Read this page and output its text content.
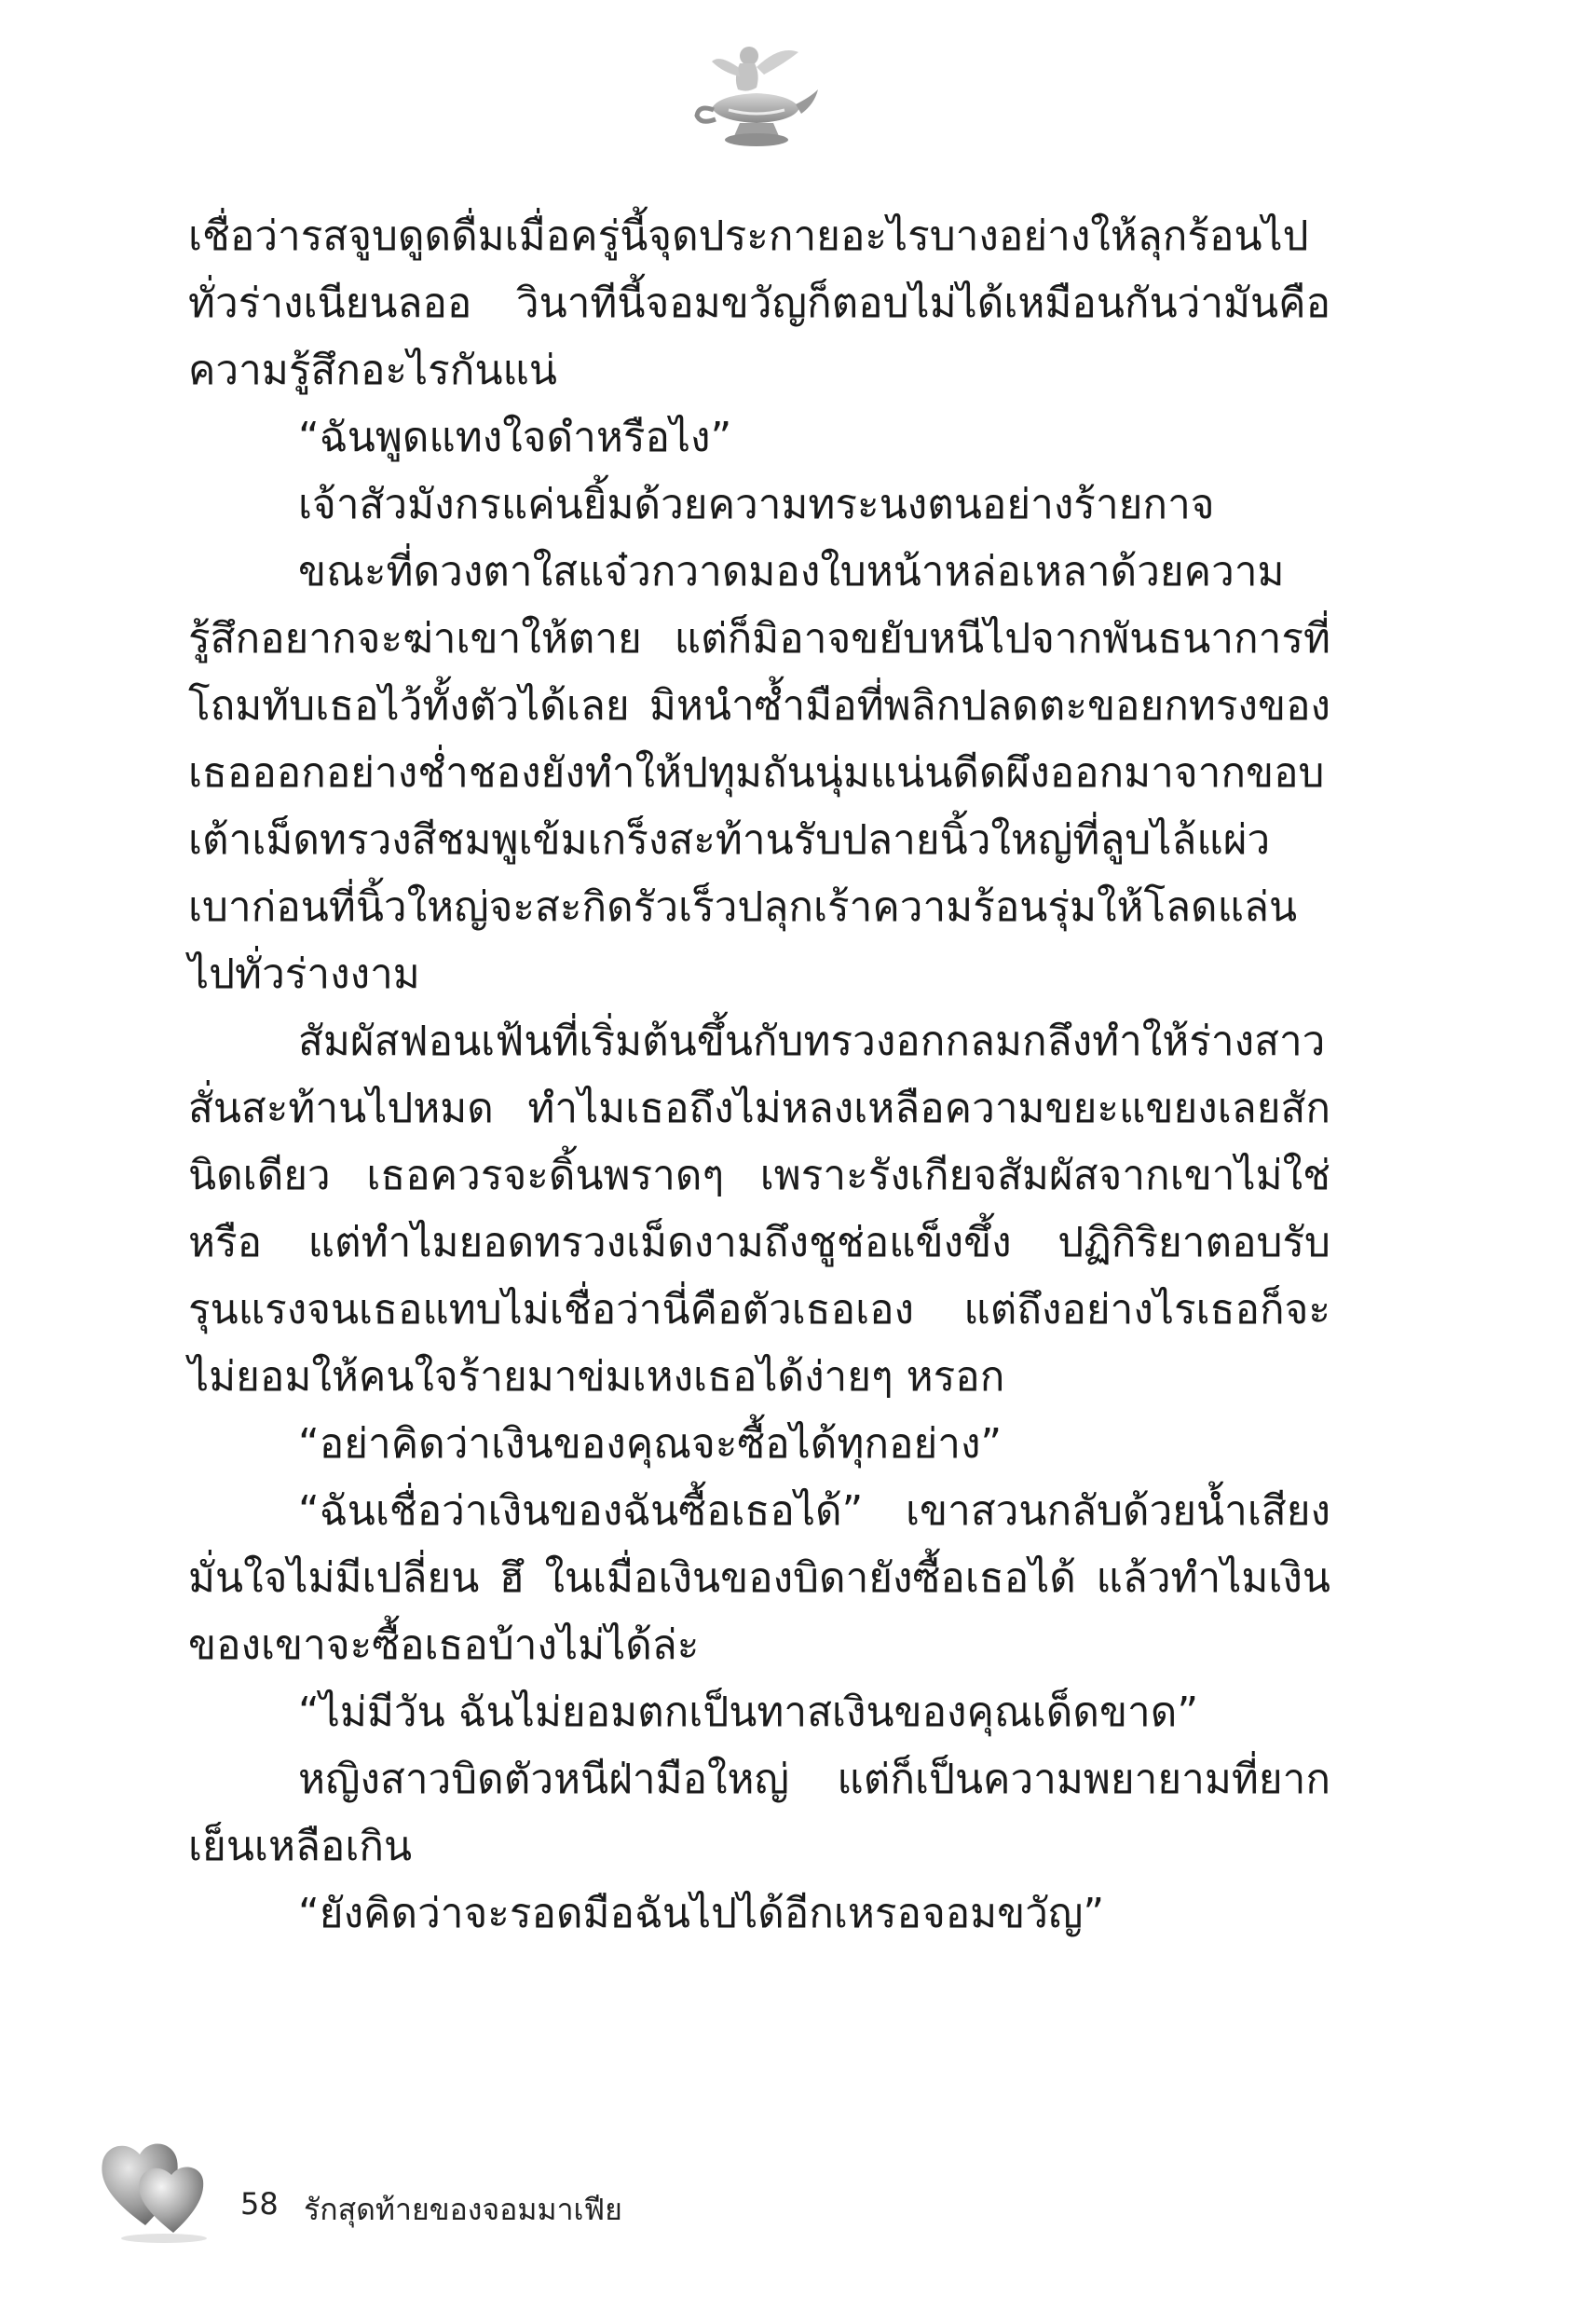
เชื่อว่ารสจูบดูดดื่มเมื่อครู่นี้จุดประกายอะไรบางอย่างให้ลุกร้อนไปทั่วร่างเนียนลออ วินาทีนี้จอมขวัญก็ตอบไม่ได้เหมือนกันว่ามันคือความรู้สึกอะไรกันแน่

“ฉันพูดแทงใจดำหรือไง”

เจ้าสัวมังกรแค่นยิ้มด้วยความทระนงตนอย่างร้ายกาจ

ขณะที่ดวงตาใสแจ๋วกวาดมองใบหน้าหล่อเหลาด้วยความรู้สึกอยากจะฆ่าเขาให้ตาย แต่ก็มิอาจขยับหนีไปจากพันธนาการที่โถมทับเธอไว้ทั้งตัวได้เลย มิหนำซ้ำมือที่พลิกปลดตะขอยกทรงของเธอออกอย่างช่ำชองยังทำให้ปทุมถันนุ่มแน่นดีดผึงออกมาจากขอบเต้าเม็ดทรวงสีชมพูเข้มเกร็งสะท้านรับปลายนิ้วใหญ่ที่ลูบไล้แผ่วเบาก่อนที่นิ้วใหญ่จะสะกิดรัวเร็วปลุกเร้าความร้อนรุ่มให้โลดแล่นไปทั่วร่างงาม

สัมผัสฟอนเฟ้นที่เริ่มต้นขึ้นกับทรวงอกกลมกลึงทำให้ร่างสาวสั่นสะท้านไปหมด ทำไมเธอถึงไม่หลงเหลือความขยะแขยงเลยสักนิดเดียว เธอควรจะดิ้นพราดๆ เพราะรังเกียจสัมผัสจากเขาไม่ใช่หรือ แต่ทำไมยอดทรวงเม็ดงามถึงชูช่อแข็งขึ้ง ปฏิกิริยาตอบรับรุนแรงจนเธอแทบไม่เชื่อว่านี่คือตัวเธอเอง แต่ถึงอย่างไรเธอก็จะไม่ยอมให้คนใจร้ายมาข่มเหงเธอได้ง่ายๆ หรอก

“อย่าคิดว่าเงินของคุณจะซื้อได้ทุกอย่าง”

“ฉันเชื่อว่าเงินของฉันซื้อเธอได้” เขาสวนกลับด้วยน้ำเสียงมั่นใจไม่มีเปลี่ยน ฮึ ในเมื่อเงินของบิดายังซื้อเธอได้ แล้วทำไมเงินของเขาจะซื้อเธอบ้างไม่ได้ล่ะ

“ไม่มีวัน ฉันไม่ยอมตกเป็นทาสเงินของคุณเด็ดขาด”

หญิงสาวบิดตัวหนีฝ่ามือใหญ่ แต่ก็เป็นความพยายามที่ยากเย็นเหลือเกิน

“ยังคิดว่าจะรอดมือฉันไปได้อีกเหรอจอมขวัญ”

58 รักสุดท้ายของจอมมาเฟีย
